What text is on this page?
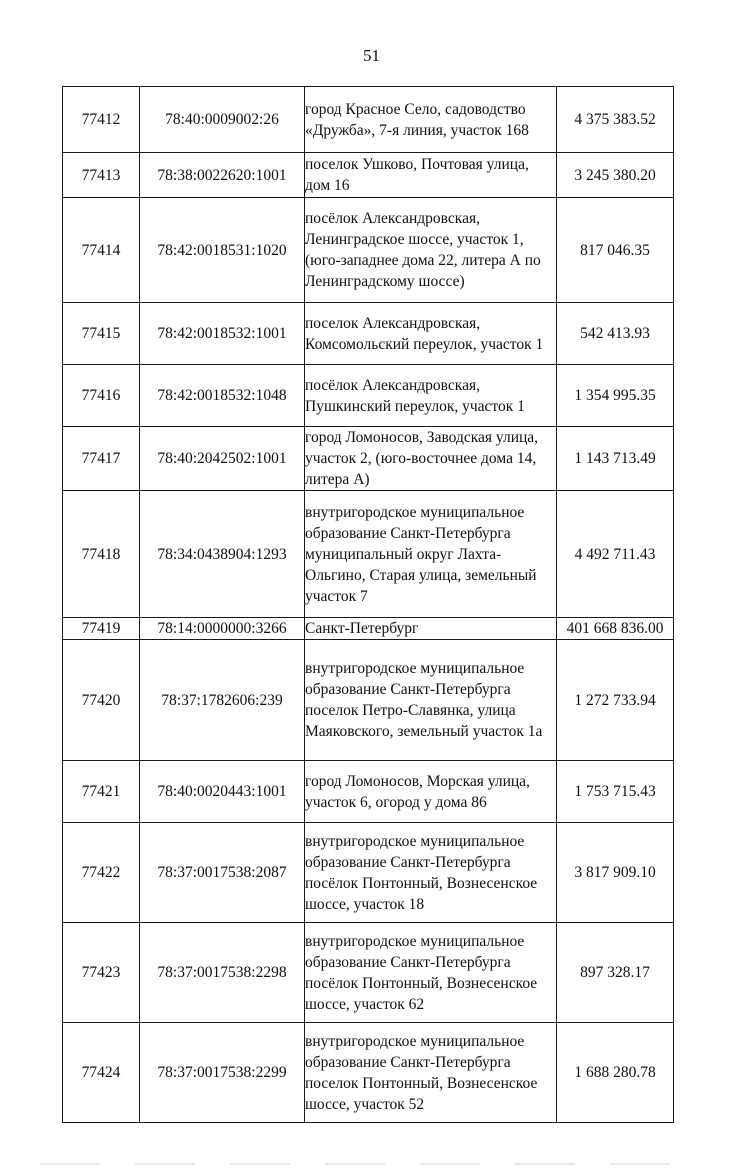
51
77412	78:40:0009002:26	город Красное Село, садоводство «Дружба», 7-я линия, участок 168	4 375 383.52
77413	78:38:0022620:1001	поселок Ушково, Почтовая улица, дом 16	3 245 380.20
77414	78:42:0018531:1020	посёлок Александровская, Ленинградское шоссе, участок 1, (юго-западнее дома 22, литера А по Ленинградскому шоссе)	817 046.35
77415	78:42:0018532:1001	поселок Александровская, Комсомольский переулок, участок 1	542 413.93
77416	78:42:0018532:1048	посёлок Александровская, Пушкинский переулок, участок 1	1 354 995.35
77417	78:40:2042502:1001	город Ломоносов, Заводская улица, участок 2, (юго-восточнее дома 14, литера А)	1 143 713.49
77418	78:34:0438904:1293	внутригородское муниципальное образование Санкт-Петербурга муниципальный округ Лахта-Ольгино, Старая улица, земельный участок 7	4 492 711.43
77419	78:14:0000000:3266	Санкт-Петербург	401 668 836.00
77420	78:37:1782606:239	внутригородское муниципальное образование Санкт-Петербурга поселок Петро-Славянка, улица Маяковского, земельный участок 1а	1 272 733.94
77421	78:40:0020443:1001	город Ломоносов, Морская улица, участок 6, огород у дома 86	1 753 715.43
77422	78:37:0017538:2087	внутригородское муниципальное образование Санкт-Петербурга посёлок Понтонный, Вознесенское шоссе, участок 18	3 817 909.10
77423	78:37:0017538:2298	внутригородское муниципальное образование Санкт-Петербурга посёлок Понтонный, Вознесенское шоссе, участок 62	897 328.17
77424	78:37:0017538:2299	внутригородское муниципальное образование Санкт-Петербурга поселок Понтонный, Вознесенское шоссе, участок 52	1 688 280.78
